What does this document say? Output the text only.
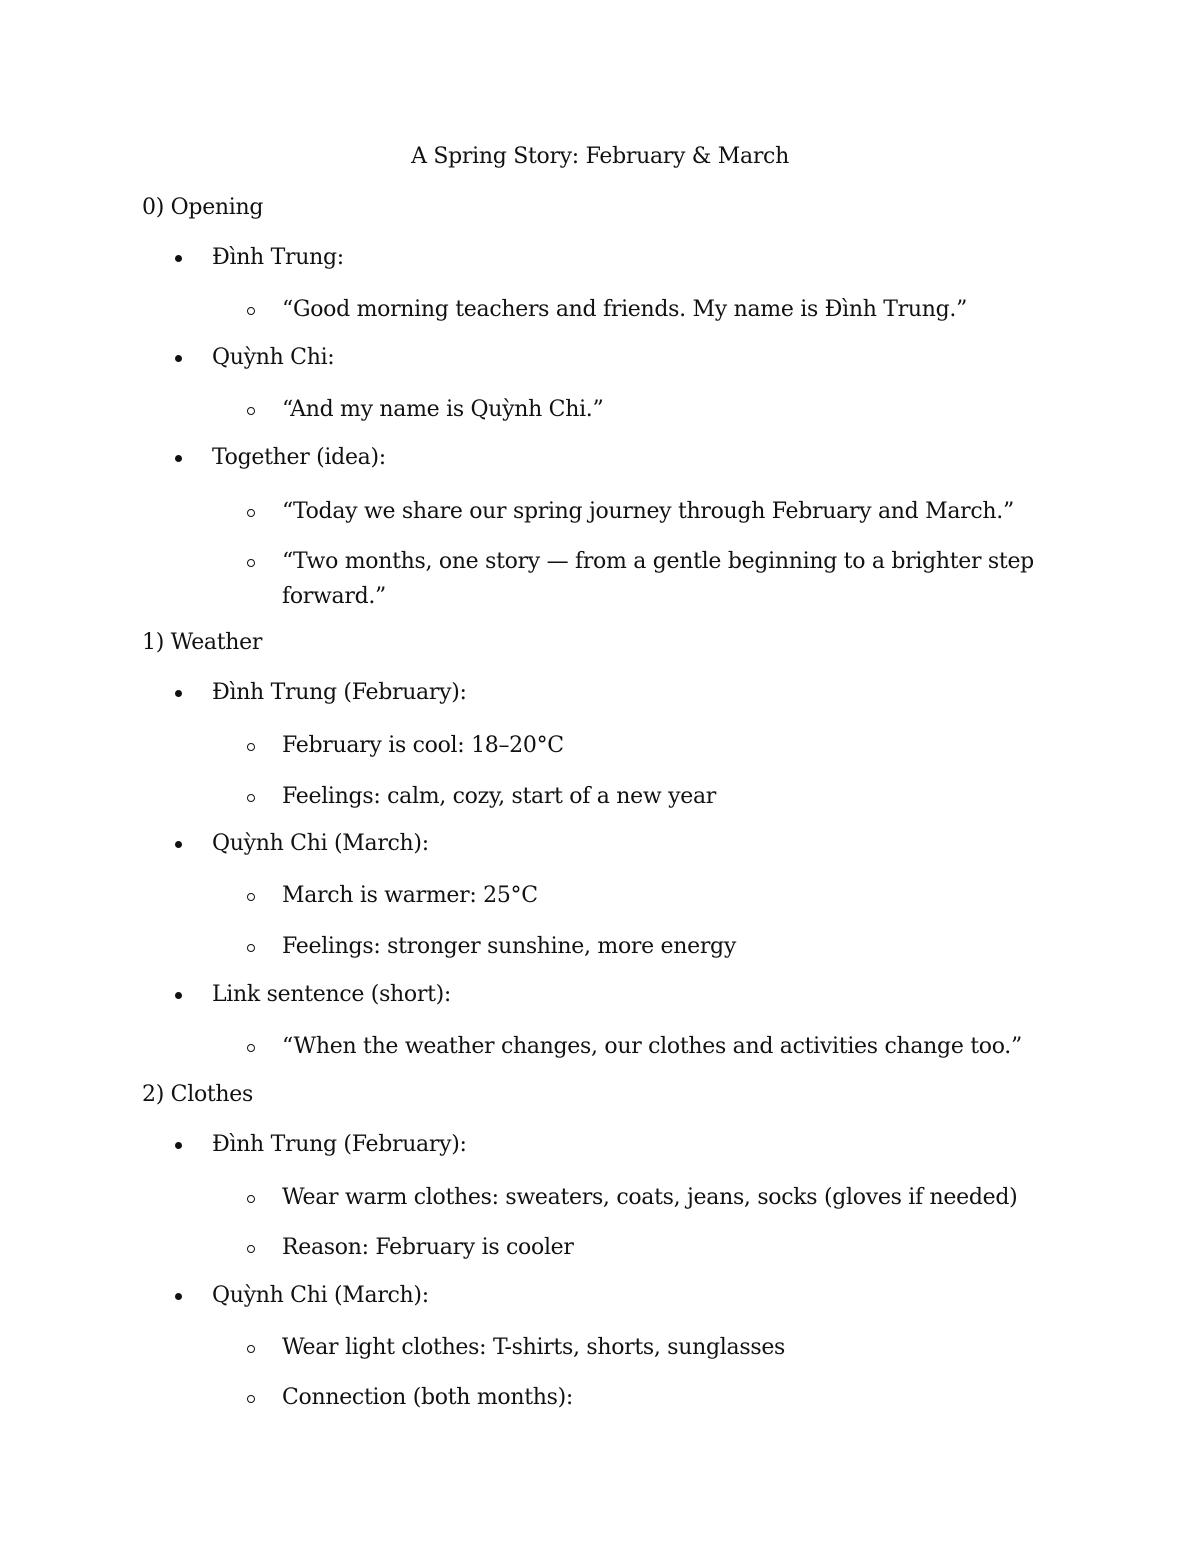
A Spring Story: February & March
0) Opening
Đình Trung:
“Good morning teachers and friends. My name is Đình Trung.”
Quỳnh Chi:
“And my name is Quỳnh Chi.”
Together (idea):
“Today we share our spring journey through February and March.”
“Two months, one story — from a gentle beginning to a brighter step forward.”
1) Weather
Đình Trung (February):
February is cool: 18–20°C
Feelings: calm, cozy, start of a new year
Quỳnh Chi (March):
March is warmer: 25°C
Feelings: stronger sunshine, more energy
Link sentence (short):
“When the weather changes, our clothes and activities change too.”
2) Clothes
Đình Trung (February):
Wear warm clothes: sweaters, coats, jeans, socks (gloves if needed)
Reason: February is cooler
Quỳnh Chi (March):
Wear light clothes: T-shirts, shorts, sunglasses
Connection (both months):
